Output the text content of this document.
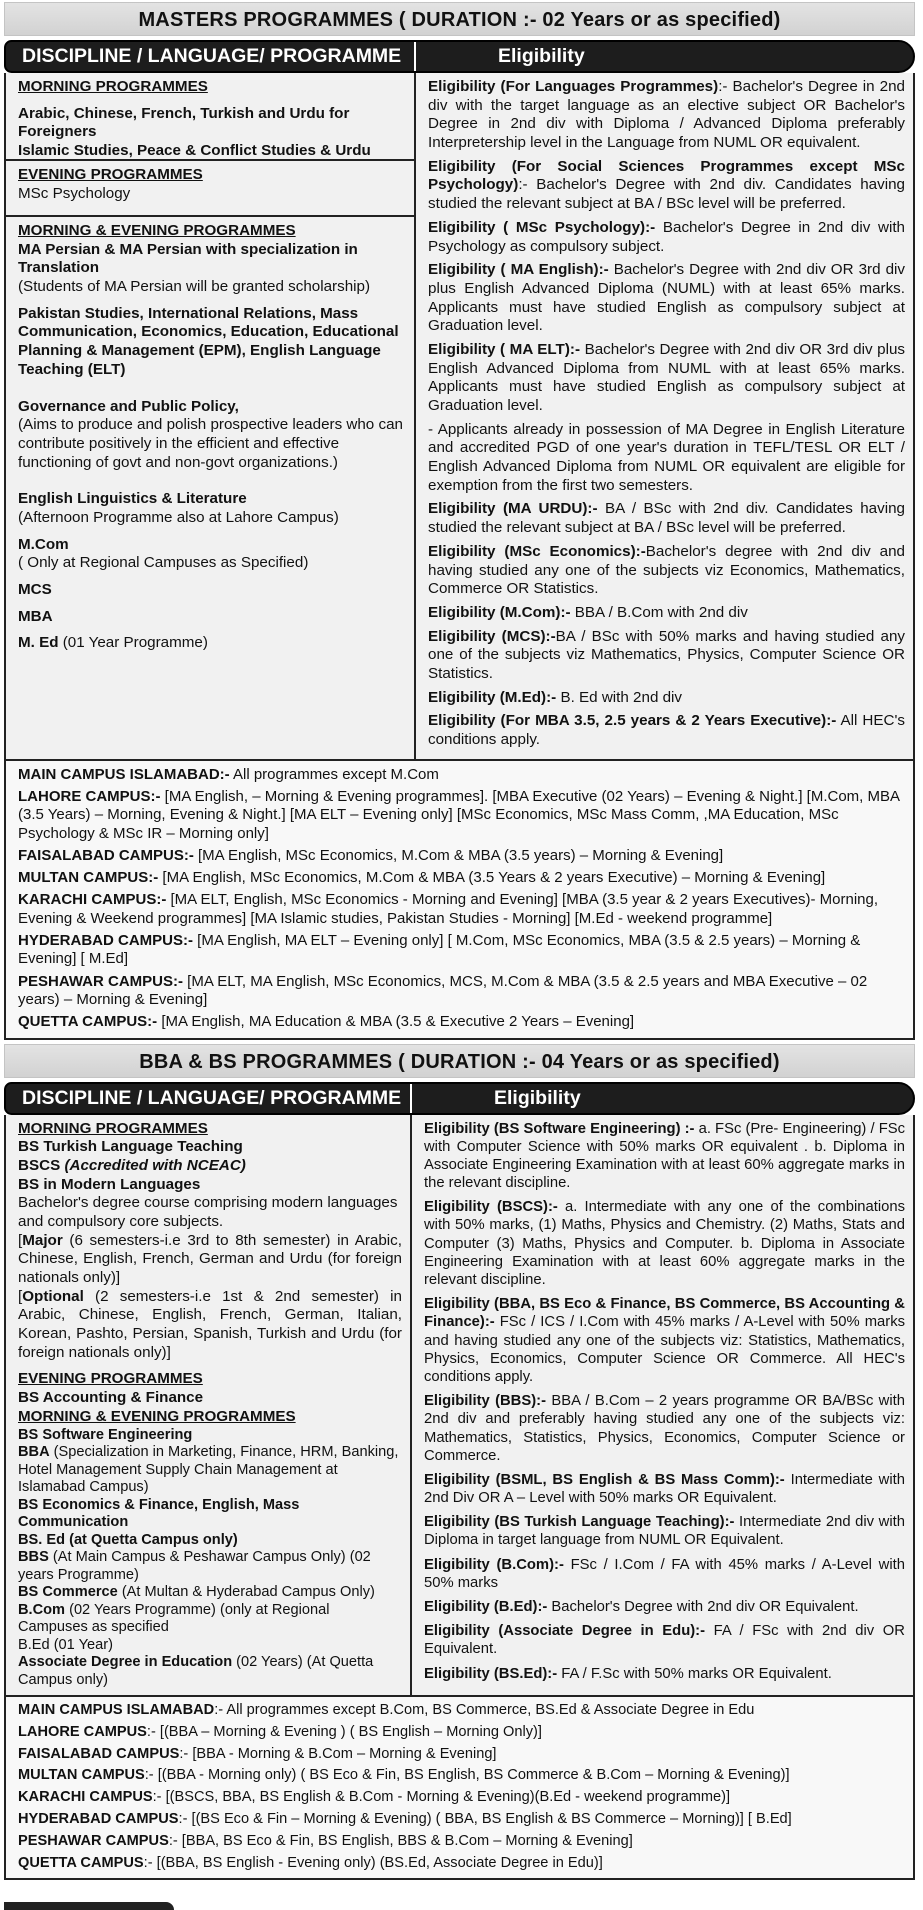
MASTERS PROGRAMMES ( DURATION :- 02 Years or as specified)
DISCIPLINE / LANGUAGE/ PROGRAMME	Eligibility
MORNING PROGRAMMES
Arabic, Chinese, French, Turkish and Urdu for Foreigners
Islamic Studies, Peace & Conflict Studies & Urdu
EVENING PROGRAMMES
MSc Psychology
MORNING & EVENING PROGRAMMES
MA Persian & MA Persian with specialization in Translation
(Students of MA Persian will be granted scholarship)
Pakistan Studies, International Relations, Mass Communication, Economics, Education, Educational Planning & Management (EPM), English Language Teaching (ELT)
Governance and Public Policy,
(Aims to produce and polish prospective leaders who can contribute positively in the efficient and effective functioning of govt and non-govt organizations.)
English Linguistics & Literature
(Afternoon Programme also at Lahore Campus)
M.Com
( Only at Regional Campuses as Specified)
MCS
MBA
M. Ed (01 Year Programme)

Eligibility (For Languages Programmes):- Bachelor's Degree in 2nd div with the target language as an elective subject OR Bachelor's Degree in 2nd div with Diploma / Advanced Diploma preferably Interpretership level in the Language from NUML OR equivalent.

Eligibility (For Social Sciences Programmes except MSc Psychology):- Bachelor's Degree with 2nd div. Candidates having studied the relevant subject at BA / BSc level will be preferred.

Eligibility ( MSc Psychology):- Bachelor's Degree in 2nd div with Psychology as compulsory subject.

Eligibility ( MA English):- Bachelor's Degree with 2nd div OR 3rd div plus English Advanced Diploma (NUML) with at least 65% marks. Applicants must have studied English as compulsory subject at Graduation level.

Eligibility ( MA ELT):- Bachelor's Degree with 2nd div OR 3rd div plus English Advanced Diploma from NUML with at least 65% marks. Applicants must have studied English as compulsory subject at Graduation level.

- Applicants already in possession of MA Degree in English Literature and accredited PGD of one year's duration in TEFL/TESL OR ELT / English Advanced Diploma from NUML OR equivalent are eligible for exemption from the first two semesters.

Eligibility (MA URDU):- BA / BSc with 2nd div. Candidates having studied the relevant subject at BA / BSc level will be preferred.

Eligibility (MSc Economics):-Bachelor's degree with 2nd div and having studied any one of the subjects viz Economics, Mathematics, Commerce OR Statistics.

Eligibility (M.Com):- BBA / B.Com with 2nd div

Eligibility (MCS):-BA / BSc with 50% marks and having studied any one of the subjects viz Mathematics, Physics, Computer Science OR Statistics.

Eligibility (M.Ed):- B. Ed with 2nd div

Eligibility (For MBA 3.5, 2.5 years & 2 Years Executive):- All HEC's conditions apply.

MAIN CAMPUS ISLAMABAD:- All programmes except M.Com

LAHORE CAMPUS:- [MA English, – Morning & Evening programmes]. [MBA Executive (02 Years) – Evening & Night.] [M.Com, MBA (3.5 Years) – Morning, Evening & Night.] [MA ELT – Evening only] [MSc Economics, MSc Mass Comm, ,MA Education, MSc Psychology & MSc IR – Morning only]

FAISALABAD CAMPUS:- [MA English, MSc Economics, M.Com & MBA (3.5 years) – Morning & Evening]

MULTAN CAMPUS:- [MA English, MSc Economics, M.Com & MBA (3.5 Years & 2 years Executive) – Morning & Evening]

KARACHI CAMPUS:- [MA ELT, English, MSc Economics - Morning and Evening] [MBA (3.5 year & 2 years Executives)- Morning, Evening & Weekend programmes] [MA Islamic studies, Pakistan Studies - Morning] [M.Ed - weekend programme]

HYDERABAD CAMPUS:- [MA English, MA ELT – Evening only] [ M.Com, MSc Economics, MBA (3.5 & 2.5 years) – Morning & Evening] [ M.Ed]

PESHAWAR CAMPUS:- [MA ELT, MA English, MSc Economics, MCS, M.Com & MBA (3.5 & 2.5 years and MBA Executive – 02 years) – Morning & Evening]

QUETTA CAMPUS:- [MA English, MA Education & MBA (3.5 & Executive 2 Years – Evening]

BBA & BS PROGRAMMES ( DURATION :- 04 Years or as specified)
DISCIPLINE / LANGUAGE/ PROGRAMME	Eligibility
MORNING PROGRAMMES
BS Turkish Language Teaching
BSCS (Accredited with NCEAC)
BS in Modern Languages
Bachelor's degree course comprising modern languages and compulsory core subjects.
[Major (6 semesters-i.e 3rd to 8th semester) in Arabic, Chinese, English, French, German and Urdu (for foreign nationals only)]
[Optional (2 semesters-i.e 1st & 2nd semester) in Arabic, Chinese, English, French, German, Italian, Korean, Pashto, Persian, Spanish, Turkish and Urdu (for foreign nationals only)]
EVENING PROGRAMMES
BS Accounting & Finance
MORNING & EVENING PROGRAMMES
BS Software Engineering
BBA (Specialization in Marketing, Finance, HRM, Banking, Hotel Management Supply Chain Management at Islamabad Campus)
BS Economics & Finance, English, Mass Communication
BS. Ed (at Quetta Campus only)
BBS (At Main Campus & Peshawar Campus Only) (02 years Programme)
BS Commerce (At Multan & Hyderabad Campus Only)
B.Com (02 Years Programme) (only at Regional Campuses as specified
B.Ed (01 Year)
Associate Degree in Education (02 Years) (At Quetta Campus only)

Eligibility (BS Software Engineering) :- a. FSc (Pre- Engineering) / FSc with Computer Science with 50% marks OR equivalent . b. Diploma in Associate Engineering Examination with at least 60% aggregate marks in the relevant discipline.

Eligibility (BSCS):- a. Intermediate with any one of the combinations with 50% marks, (1) Maths, Physics and Chemistry. (2) Maths, Stats and Computer (3) Maths, Physics and Computer. b. Diploma in Associate Engineering Examination with at least 60% aggregate marks in the relevant discipline.

Eligibility (BBA, BS Eco & Finance, BS Commerce, BS Accounting & Finance):- FSc / ICS / I.Com with 45% marks / A-Level with 50% marks and having studied any one of the subjects viz: Statistics, Mathematics, Physics, Economics, Computer Science OR Commerce. All HEC's conditions apply.

Eligibility (BBS):- BBA / B.Com – 2 years programme OR BA/BSc with 2nd div and preferably having studied any one of the subjects viz: Mathematics, Statistics, Physics, Economics, Computer Science or Commerce.

Eligibility (BSML, BS English & BS Mass Comm):- Intermediate with 2nd Div OR A – Level with 50% marks OR Equivalent.

Eligibility (BS Turkish Language Teaching):- Intermediate 2nd div with Diploma in target language from NUML OR Equivalent.

Eligibility (B.Com):- FSc / I.Com / FA with 45% marks / A-Level with 50% marks

Eligibility (B.Ed):- Bachelor's Degree with 2nd div OR Equivalent.

Eligibility (Associate Degree in Edu):- FA / FSc with 2nd div OR Equivalent.

Eligibility (BS.Ed):- FA / F.Sc with 50% marks OR Equivalent.

MAIN CAMPUS ISLAMABAD:- All programmes except B.Com, BS Commerce, BS.Ed & Associate Degree in Edu

LAHORE CAMPUS:- [(BBA – Morning & Evening ) ( BS English – Morning Only)]

FAISALABAD CAMPUS:- [BBA - Morning & B.Com – Morning & Evening]

MULTAN CAMPUS:- [(BBA - Morning only) ( BS Eco & Fin, BS English, BS Commerce & B.Com – Morning & Evening)]

KARACHI CAMPUS:- [(BSCS, BBA, BS English & B.Com - Morning & Evening)(B.Ed - weekend programme)]

HYDERABAD CAMPUS:- [(BS Eco & Fin – Morning & Evening) ( BBA, BS English & BS Commerce – Morning)] [ B.Ed]

PESHAWAR CAMPUS:- [BBA, BS Eco & Fin, BS English, BBS & B.Com – Morning & Evening]

QUETTA CAMPUS:- [(BBA, BS English - Evening only) (BS.Ed, Associate Degree in Edu)]
